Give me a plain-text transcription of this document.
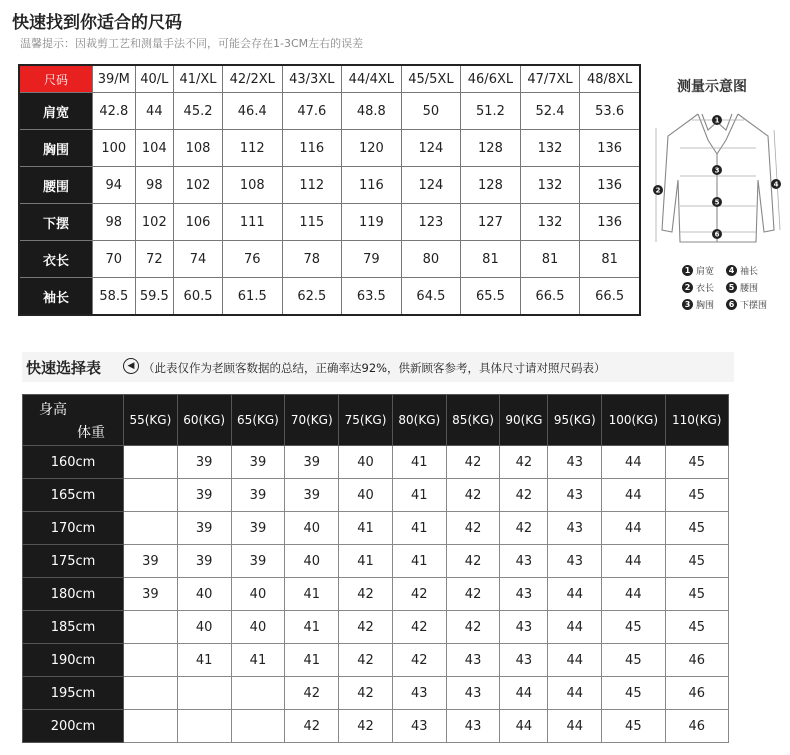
快速找到你适合的尺码
温馨提示：因裁剪工艺和测量手法不同，可能会存在1-3CM左右的误差
尺码	39/M	40/L	41/XL	42/2XL	43/3XL	44/4XL	45/5XL	46/6XL	47/7XL	48/8XL
肩宽	42.8	44	45.2	46.4	47.6	48.8	50	51.2	52.4	53.6
胸围	100	104	108	112	116	120	124	128	132	136
腰围	94	98	102	108	112	116	124	128	132	136
下摆	98	102	106	111	115	119	123	127	132	136
衣长	70	72	74	76	78	79	80	81	81	81
袖长	58.5	59.5	60.5	61.5	62.5	63.5	64.5	65.5	66.5	66.5
测量示意图
1
2
3
4
5
6
1 肩宽	4 袖长
2 衣长	5 腰围
3 胸围	6 下摆围
快速选择表	◀ （此表仅作为老顾客数据的总结，正确率达92%，供新顾客参考，具体尺寸请对照尺码表）
身高
体重	55(KG)	60(KG)	65(KG)	70(KG)	75(KG)	80(KG)	85(KG)	90(KG	95(KG)	100(KG)	110(KG)
160cm		39	39	39	40	41	42	42	43	44	45
165cm		39	39	39	40	41	42	42	43	44	45
170cm		39	39	40	41	41	42	42	43	44	45
175cm	39	39	39	40	41	41	42	43	43	44	45
180cm	39	40	40	41	42	42	42	43	44	44	45
185cm		40	40	41	42	42	42	43	44	45	45
190cm		41	41	41	42	42	43	43	44	45	46
195cm				42	42	43	43	44	44	45	46
200cm				42	42	43	43	44	44	45	46
